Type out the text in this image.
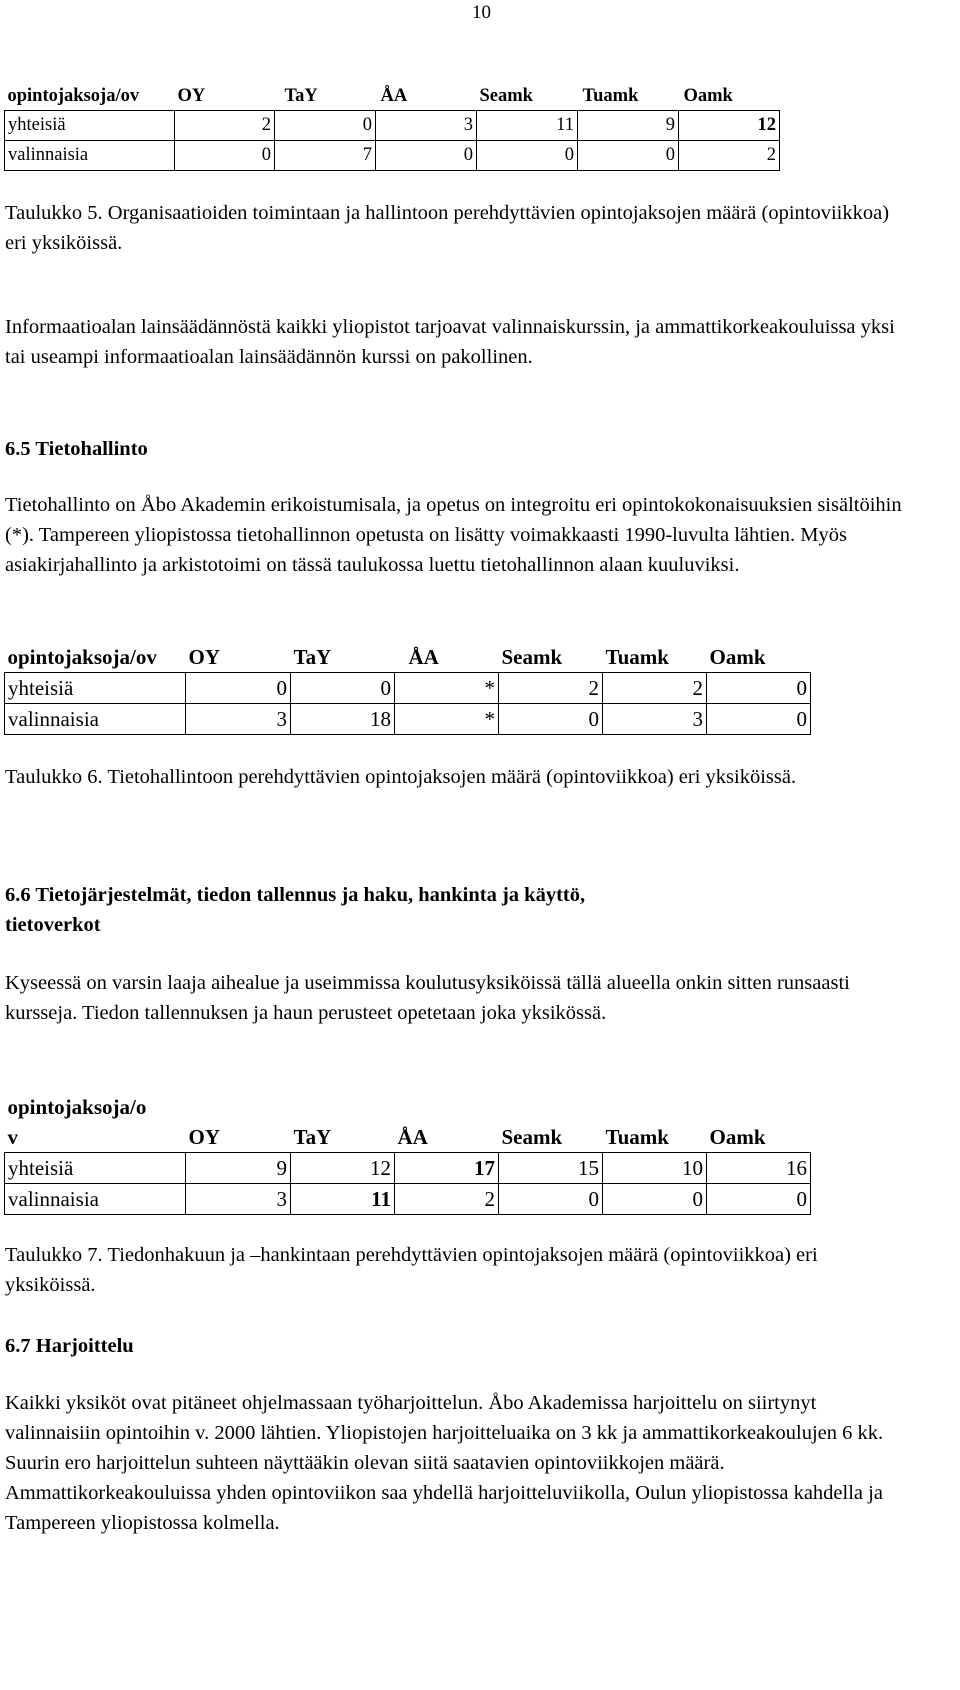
10
opintojaksoja/ov	OY	TaY	ÅA	Seamk	Tuamk	Oamk
yhteisiä	2	0	3	11	9	12
valinnaisia	0	7	0	0	0	2

Taulukko 5. Organisaatioiden toimintaan ja hallintoon perehdyttävien opintojaksojen määrä (opintoviikkoa) eri yksiköissä.

Informaatioalan lainsäädännöstä kaikki yliopistot tarjoavat valinnaiskurssin, ja ammattikorkeakouluissa yksi tai useampi informaatioalan lainsäädännön kurssi on pakollinen.

6.5 Tietohallinto

Tietohallinto on Åbo Akademin erikoistumisala, ja opetus on integroitu eri opintokokonaisuuksien sisältöihin (*). Tampereen yliopistossa tietohallinnon opetusta on lisätty voimakkaasti 1990-luvulta lähtien. Myös asiakirjahallinto ja arkistotoimi on tässä taulukossa luettu tietohallinnon alaan kuuluviksi.

opintojaksoja/ov	OY	TaY	ÅA	Seamk	Tuamk	Oamk
yhteisiä	0	0	*	2	2	0
valinnaisia	3	18	*	0	3	0

Taulukko 6. Tietohallintoon perehdyttävien opintojaksojen määrä (opintoviikkoa) eri yksiköissä.

6.6 Tietojärjestelmät, tiedon tallennus ja haku, hankinta ja käyttö, tietoverkot

Kyseessä on varsin laaja aihealue ja useimmissa koulutusyksiköissä tällä alueella onkin sitten runsaasti kursseja. Tiedon tallennuksen ja haun perusteet opetetaan joka yksikössä.

opintojaksoja/o						
v	OY	TaY	ÅA	Seamk	Tuamk	Oamk
yhteisiä	9	12	17	15	10	16
valinnaisia	3	11	2	0	0	0

Taulukko 7. Tiedonhakuun ja –hankintaan perehdyttävien opintojaksojen määrä (opintoviikkoa) eri yksiköissä.

6.7 Harjoittelu

Kaikki yksiköt ovat pitäneet ohjelmassaan työharjoittelun. Åbo Akademissa harjoittelu on siirtynyt valinnaisiin opintoihin v. 2000 lähtien. Yliopistojen harjoitteluaika on 3 kk ja ammattikorkeakoulujen 6 kk. Suurin ero harjoittelun suhteen näyttääkin olevan siitä saatavien opintoviikkojen määrä. Ammattikorkeakouluissa yhden opintoviikon saa yhdellä harjoitteluviikolla, Oulun yliopistossa kahdella ja Tampereen yliopistossa kolmella.
